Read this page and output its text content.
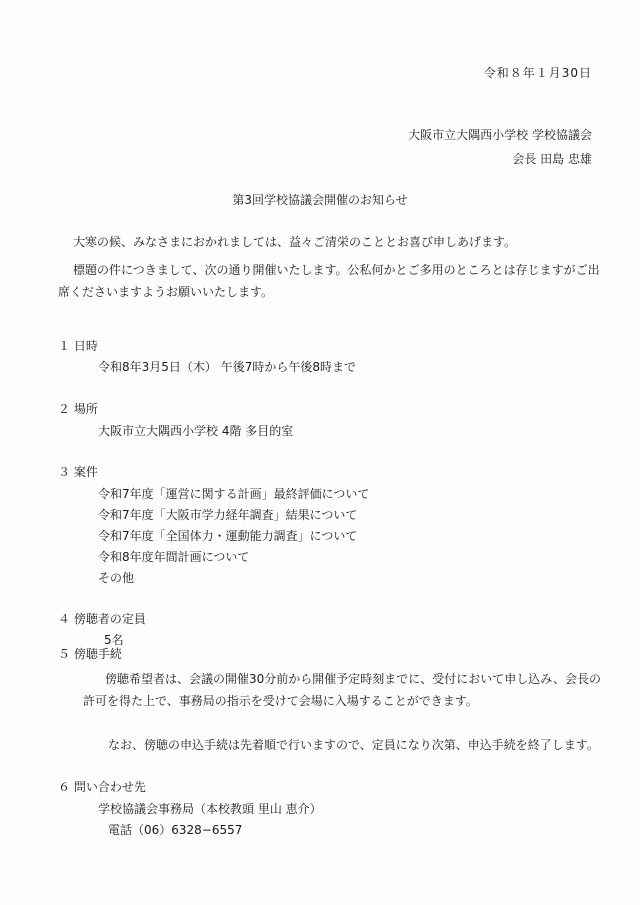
令和８年１月30日
大阪市立大隅西小学校 学校協議会
会長 田島 忠雄
第3回学校協議会開催のお知らせ
大寒の候、みなさまにおかれましては、益々ご清栄のこととお喜び申しあげます。
標題の件につきまして、次の通り開催いたします。公私何かとご多用のところとは存じますがご出席くださいますようお願いいたします。
１ 日時
令和8年3月5日（木） 午後7時から午後8時まで
２ 場所
大阪市立大隅西小学校 4階 多目的室
３ 案件
令和7年度「運営に関する計画」最終評価について
令和7年度「大阪市学力経年調査」結果について
令和7年度「全国体力・運動能力調査」について
令和8年度年間計画について
その他
４ 傍聴者の定員
5名
５ 傍聴手続
傍聴希望者は、会議の開催30分前から開催予定時刻までに、受付において申し込み、会長の許可を得た上で、事務局の指示を受けて会場に入場することができます。
なお、傍聴の申込手続は先着順で行いますので、定員になり次第、申込手続を終了します。
６ 問い合わせ先
学校協議会事務局（本校教頭 里山 恵介）
電話（06）6328−6557
